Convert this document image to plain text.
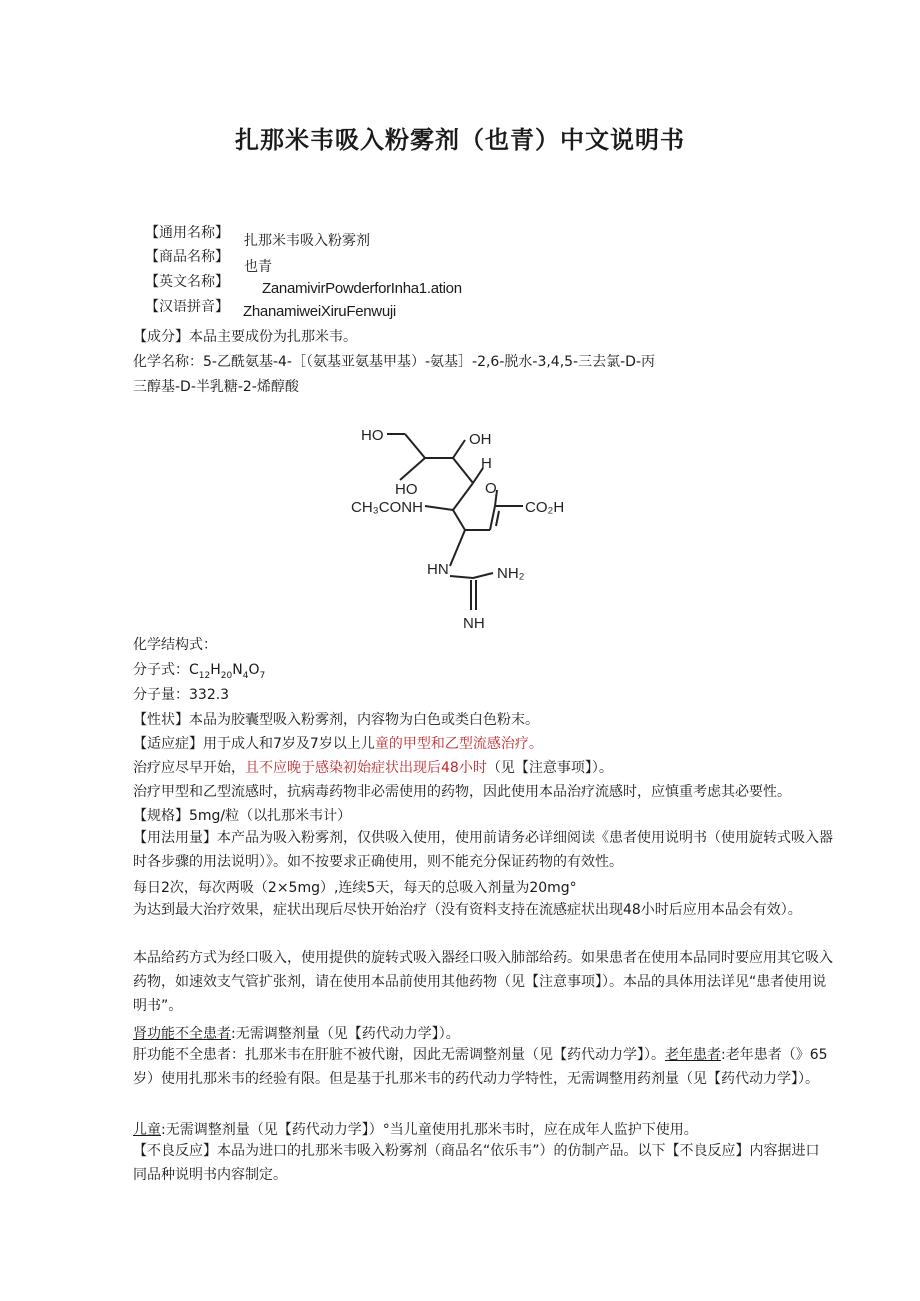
扎那米韦吸入粉雾剂（也青）中文说明书
【通用名称】 扎那米韦吸入粉雾剂
【商品名称】
也青
【英文名称】 ZanamivirPowderforInha1.ation
【汉语拼音】 ZhanamiweiXiruFenwuji
【成分】本品主要成份为扎那米韦。
化学名称：5-乙酰氨基-4-［（氨基亚氨基甲基）-氨基］-2,6-脱水-3,4,5-三去氯-D-丙
三醇基-D-半乳糖-2-烯醇酸
HO	OH
H
HO	O
CH₃CONH	CO₂H
HN	NH₂
NH
化学结构式：
分子式：$C_{12}H_{20}N_4O_7$
分子量：332.3
【性状】本品为胶囊型吸入粉雾剂，内容物为白色或类白色粉末。
【适应症】用于成人和7岁及7岁以上儿童的甲型和乙型流感治疗。
治疗应尽早开始，且不应晚于感染初始症状出现后48小时（见【注意事项】）。
治疗甲型和乙型流感时，抗病毒药物非必需使用的药物，因此使用本品治疗流感时，应慎重考虑其必要性。
【规格】5mg/粒（以扎那米韦计）
【用法用量】本产品为吸入粉雾剂，仅供吸入使用，使用前请务必详细阅读《患者使用说明书（使用旋转式吸入器时各步骤的用法说明）》。如不按要求正确使用，则不能充分保证药物的有效性。
每日2次，每次两吸（2×5mg）,连续5天，每天的总吸入剂量为20mg°
为达到最大治疗效果，症状出现后尽快开始治疗（没有资料支持在流感症状出现48小时后应用本品会有效）。
本品给药方式为经口吸入，使用提供的旋转式吸入器经口吸入肺部给药。如果患者在使用本品同时要应用其它吸入药物，如速效支气管扩张剂，请在使用本品前使用其他药物（见【注意事项】）。本品的具体用法详见“患者使用说明书”。
肾功能不全患者:无需调整剂量（见【药代动力学】）。
肝功能不全患者：扎那米韦在肝脏不被代谢，因此无需调整剂量（见【药代动力学】）。老年患者:老年患者（》65岁）使用扎那米韦的经验有限。但是基于扎那米韦的药代动力学特性，无需调整用药剂量（见【药代动力学】）。
儿童:无需调整剂量（见【药代动力学】）°当儿童使用扎那米韦时，应在成年人监护下使用。
【不良反应】本品为进口的扎那米韦吸入粉雾剂（商品名“依乐韦”）的仿制产品。以下【不良反应】内容据进口同品种说明书内容制定。
